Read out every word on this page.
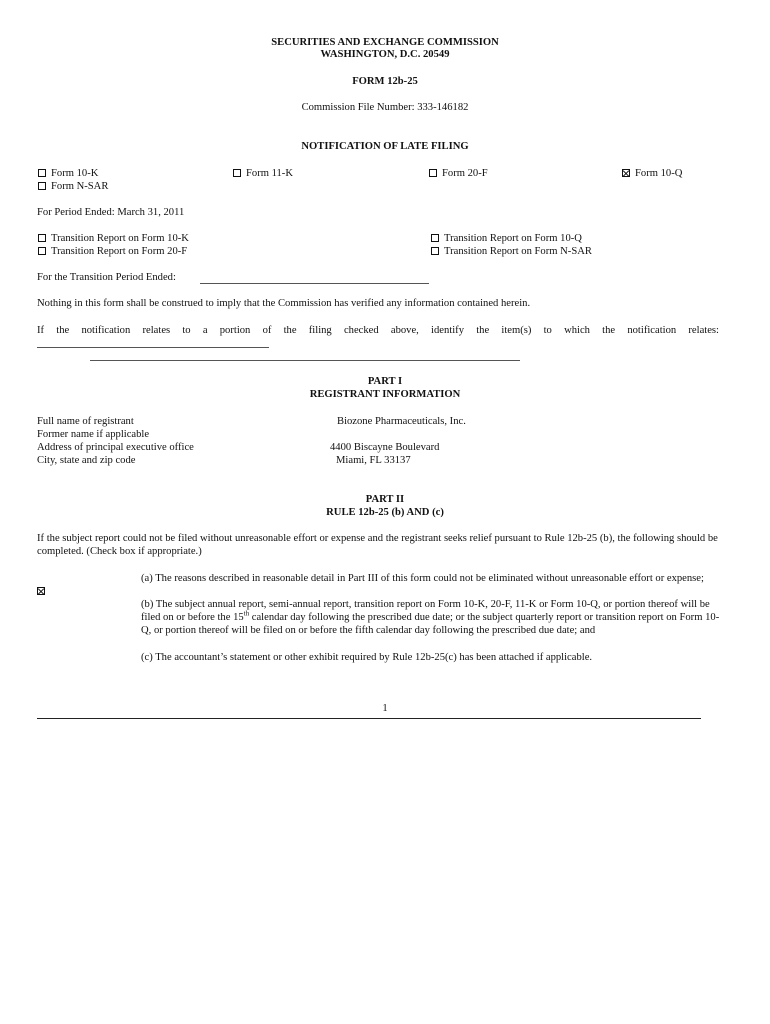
SECURITIES AND EXCHANGE COMMISSION
WASHINGTON, D.C. 20549
FORM 12b-25
Commission File Number: 333-146182
NOTIFICATION OF LATE FILING
Form 10-K	Form 11-K	Form 20-F	Form 10-Q
Form N-SAR
For Period Ended: March 31, 2011
Transition Report on Form 10-K
Transition Report on Form 20-F
Transition Report on Form 10-Q
Transition Report on Form N-SAR
For the Transition Period Ended:
Nothing in this form shall be construed to imply that the Commission has verified any information contained herein.
If the notification relates to a portion of the filing checked above, identify the item(s) to which the notification relates:
PART I
REGISTRANT INFORMATION
Full name of registrant	Biozone Pharmaceuticals, Inc.
Former name if applicable
Address of principal executive office	4400 Biscayne Boulevard
City, state and zip code	Miami, FL 33137
PART II
RULE 12b-25 (b) AND (c)
If the subject report could not be filed without unreasonable effort or expense and the registrant seeks relief pursuant to Rule 12b-25 (b), the following should be completed. (Check box if appropriate.)
(a) The reasons described in reasonable detail in Part III of this form could not be eliminated without unreasonable effort or expense;
(b) The subject annual report, semi-annual report, transition report on Form 10-K, 20-F, 11-K or Form 10-Q, or portion thereof will be filed on or before the 15th calendar day following the prescribed due date; or the subject quarterly report or transition report on Form 10-Q, or portion thereof will be filed on or before the fifth calendar day following the prescribed due date; and
(c) The accountant’s statement or other exhibit required by Rule 12b-25(c) has been attached if applicable.
1
